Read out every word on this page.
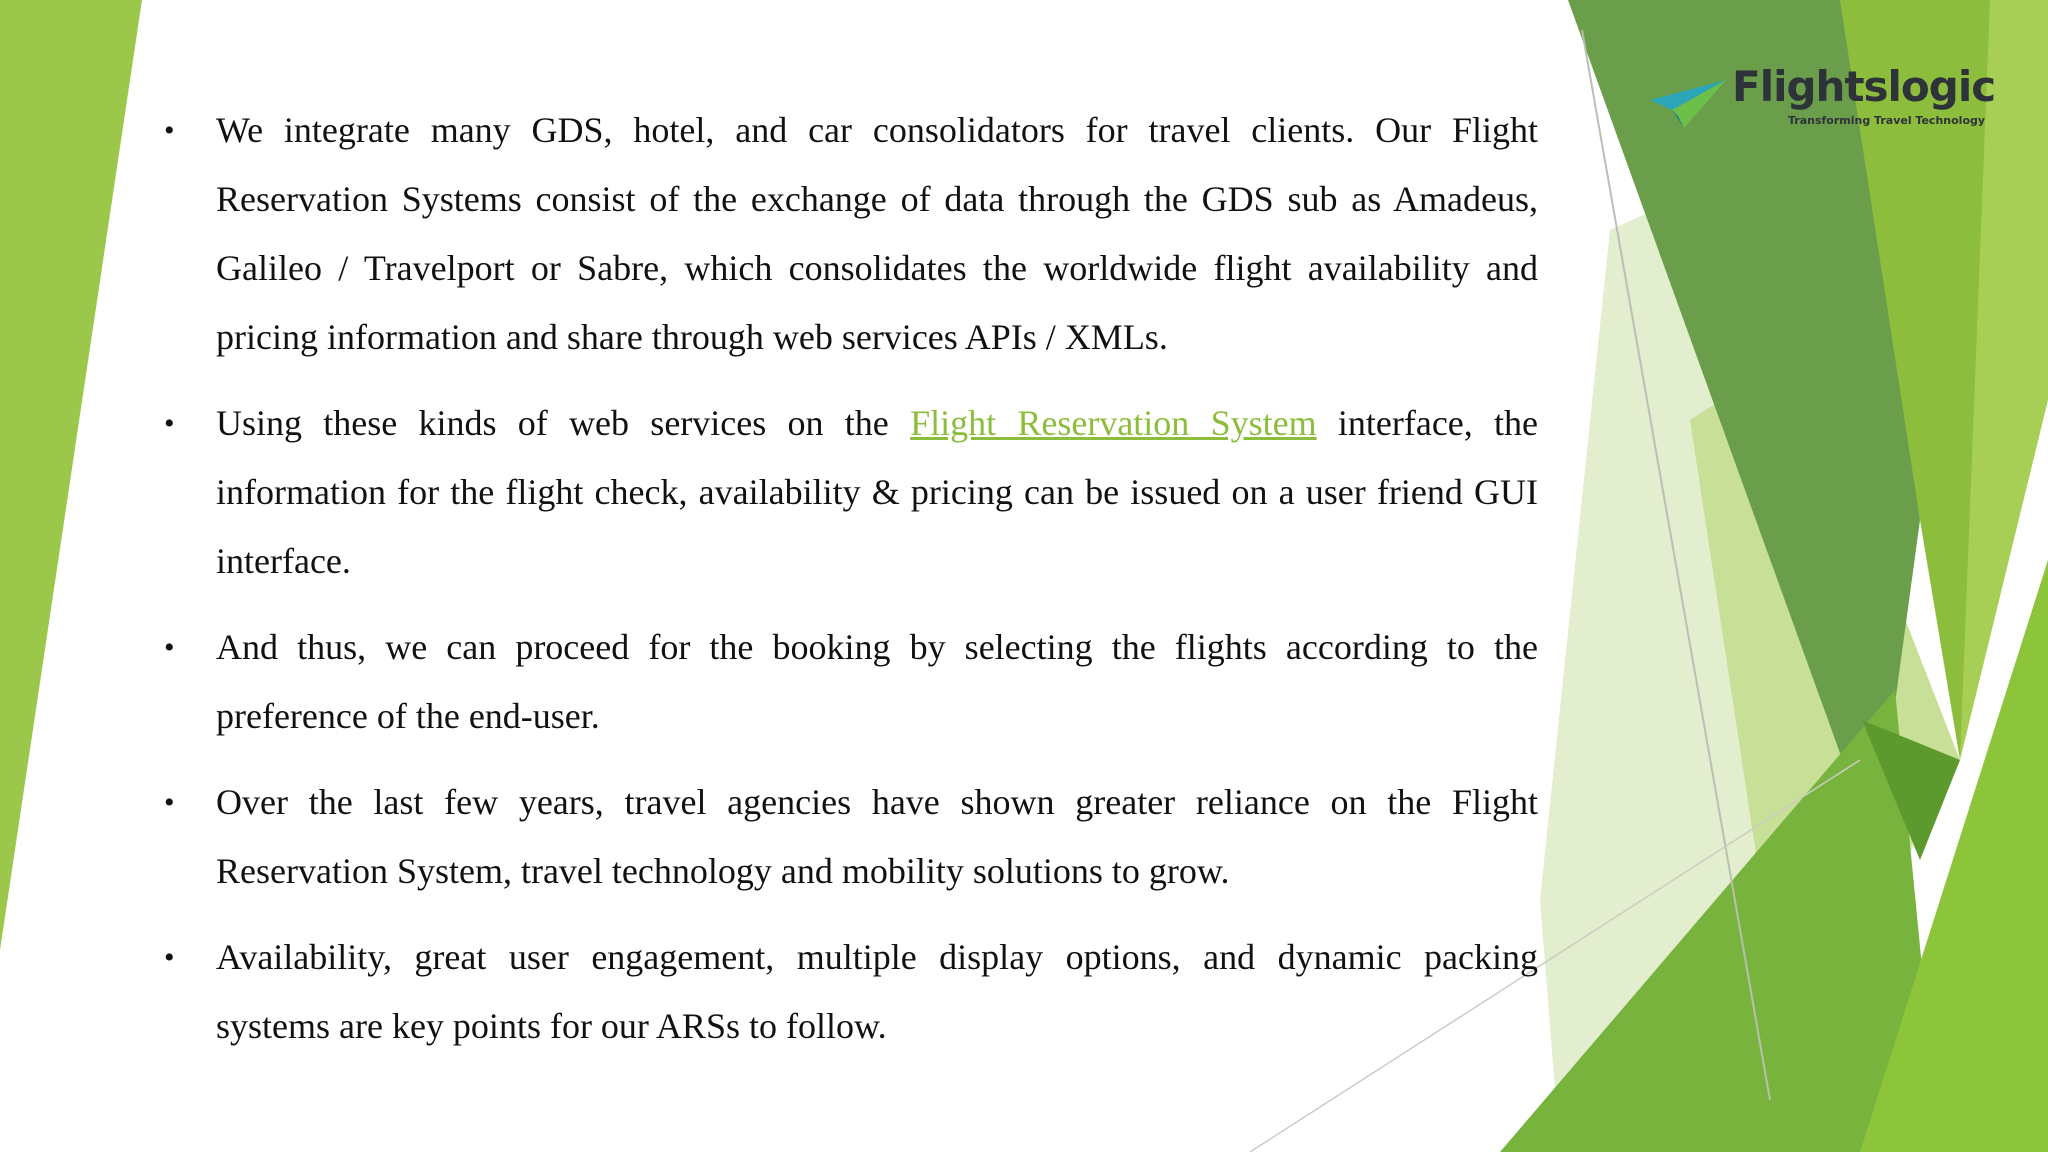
Flightslogic
Transforming Travel Technology
• We integrate many GDS, hotel, and car consolidators for travel clients. Our Flight Reservation Systems consist of the exchange of data through the GDS sub as Amadeus, Galileo / Travelport or Sabre, which consolidates the worldwide flight availability and pricing information and share through web services APIs / XMLs.
• Using these kinds of web services on the Flight Reservation System interface, the information for the flight check, availability & pricing can be issued on a user friend GUI interface.
• And thus, we can proceed for the booking by selecting the flights according to the preference of the end-user.
• Over the last few years, travel agencies have shown greater reliance on the Flight Reservation System, travel technology and mobility solutions to grow.
• Availability, great user engagement, multiple display options, and dynamic packing systems are key points for our ARSs to follow.
